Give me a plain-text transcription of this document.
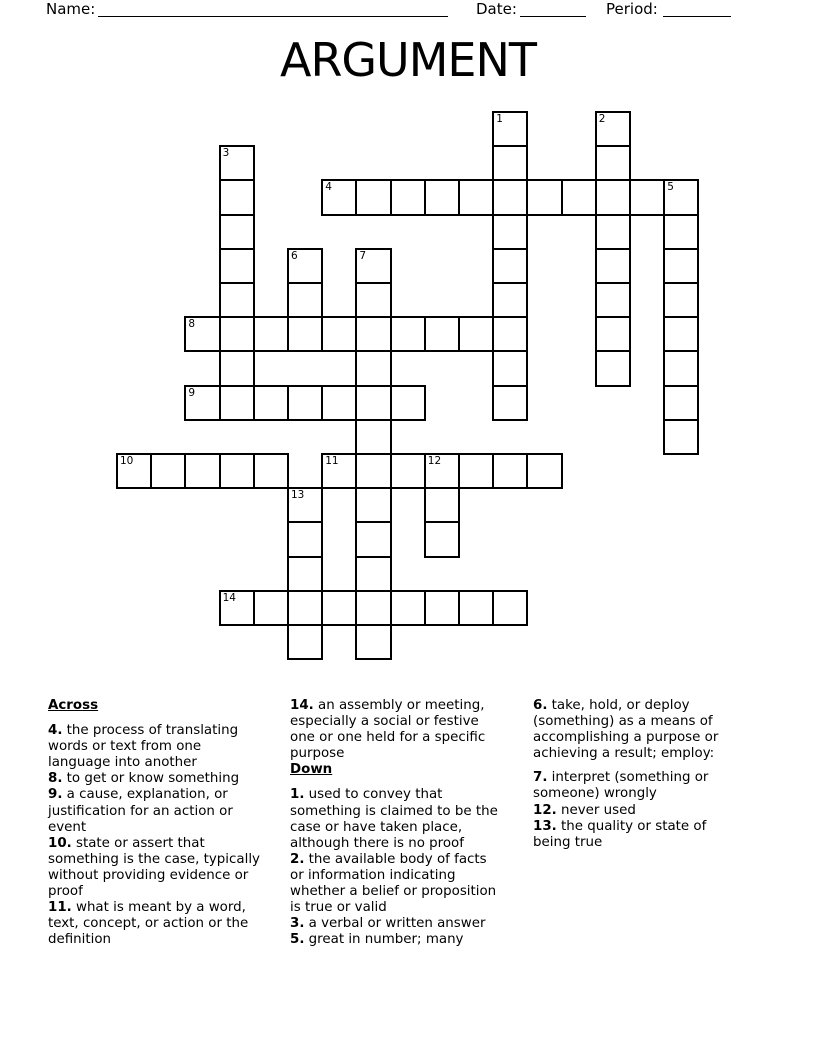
Name:	Date:	Period:
ARGUMENT
1	2
3
4	5
6	7
8
9
10	11	12
13
14

Across

4. the process of translating
words or text from one
language into another

8. to get or know something

9. a cause, explanation, or
justification for an action or
event

10. state or assert that
something is the case, typically
without providing evidence or
proof

11. what is meant by a word,
text, concept, or action or the
definition

14. an assembly or meeting,
especially a social or festive
one or one held for a specific
purpose

Down

1. used to convey that
something is claimed to be the
case or have taken place,
although there is no proof

2. the available body of facts
or information indicating
whether a belief or proposition
is true or valid

3. a verbal or written answer

5. great in number; many

6. take, hold, or deploy
(something) as a means of
accomplishing a purpose or
achieving a result; employ:

7. interpret (something or
someone) wrongly

12. never used

13. the quality or state of
being true
